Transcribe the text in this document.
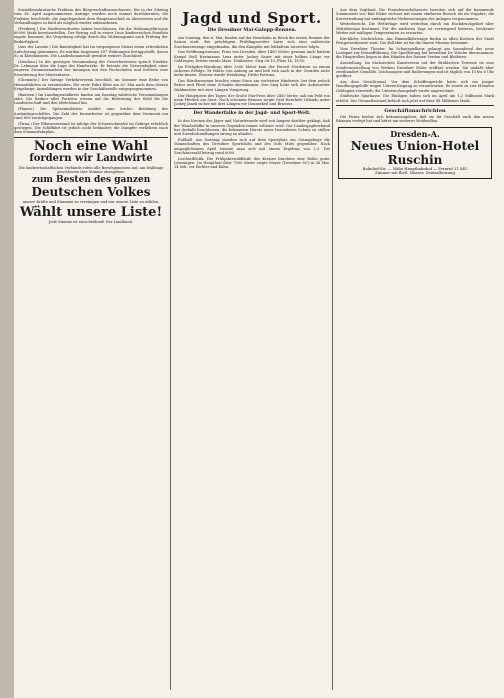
Sozialdemokratische Fraktion des Bürgerschaftsausschusses. Die in der Sitzung vom 28. April angenommenen Anträge wurden noch einmal durchberaten; die Fraktion beschließt, die Angelegenheit dem Hauptausschuß zu überweisen und die Verhandlungen so bald als möglich wieder aufzunehmen.

(Freiberg.) Die Stadtverordneten haben beschlossen, für die Wohnungsfürsorge 60000 Mark bereitzustellen. Der Betrag soll in erster Linie kinderreichen Familien zugute kommen; die Vergebung erfolgt durch das Wohnungsamt nach Prüfung der Bedürftigkeit.

(Aus der Lausitz.) Die Bautätigkeit hat im vergangenen Monat einen erfreulichen Aufschwung genommen. Es wurden insgesamt 147 Wohnungen fertiggestellt, davon 62 in Kleinhäusern. Die Landesbauanstalt gewährt weitere Zuschüsse.

(Zwickau.) In der gestrigen Versammlung des Gewerbevereins sprach Direktor Dr. Lehmann über die Lage des Handwerks. Er betonte die Notwendigkeit einer engeren Zusammenarbeit der Innungen mit den Fachschulen und forderte eine Erweiterung der Meisterkurse.

(Chemnitz.) Der hiesige Verkehrsverein beschloß, im Sommer eine Reihe von Heimatfahrten zu veranstalten. Die erste Fahrt führt am 20. Mai nach dem oberen Erzgebirge; Anmeldungen werden in der Geschäftsstelle entgegengenommen.

(Bautzen.) Im Landtagswahlkreis fanden am Sonntag zahlreiche Versammlungen statt. Die Redner aller Parteien wiesen auf die Bedeutung der Wahl für die Landwirtschaft und den Mittelstand hin.

(Plauen.) Die Spitzenindustrie meldet eine leichte Belebung des Auslandsgeschäftes. Die Zahl der Kurzarbeiter ist gegenüber dem Vormonat um rund 800 zurückgegangen.

(Pirna.) Der Elbwasserstand ist infolge der Schneeschmelze im Gebirge erheblich gestiegen. Die Schiffahrt ist jedoch nicht behindert; die Dampfer verkehren nach dem Sommerfahrplan.

Noch eine Wahl
fordern wir Landwirte

Die landwirtschaftlichen Verbände rufen alle Berufsgenossen auf, am Wahltage geschlossen ihre Stimme abzugeben.

zum Besten des ganzen
Deutschen Volkes

unsere Kräfte und Stimmen zu vereinigen und nur unsere Liste zu wählen.

Wählt unsere Liste!

Jede Stimme ist entscheidend! Der Landbund.

Jagd und Sport.
Die Dresdner Mai-Galopp-Rennen.

Am Sonntag, den 6. Mai, fanden auf der Rennbahn in Reick die ersten Rennen der Saison statt. Bei prächtigem Frühlingswetter hatte sich eine zahlreiche Zuschauermenge eingefunden, die den Kämpfen mit lebhaftem Interesse folgte.

Das Eröffnungsrennen, Preis von Dresden, über 1400 Meter, gewann nach hartem Kampf Stall Hartmanns Lenz unter Jockey Sauer mit einer halben Länge vor Goldregen; Dritter wurde Mars. Totalisator: Sieg 38:10, Platz 14, 18:10.

Im Frühjahrs-Handicap über 2000 Meter kam der Favorit Nordstern zu einem sicheren Erfolge. Er führte von Anfang an und ließ sich auch in der Geraden nicht mehr fassen. Zweiter wurde Herzkönig, Dritte Fortuna.

Das Hürdenrennen brachte einen Sturz am vorletzten Hindernis, bei dem jedoch Reiter und Pferd ohne Schaden davonkamen. Den Sieg holte sich der Außenseiter Waldmeister mit zwei Längen Vorsprung.

Der Hauptpreis des Tages, der Große Mai-Preis über 2400 Meter, sah ein Feld von neun Pferden am Start. Nach schönem Rennen siegte Graf Henckels Orlando unter Jockey Janek sicher mit drei Längen vor Donnerkeil und Bravour.

Der Wanderfalke in der Jagd- und Sport-Welt.

In den Kreisen der Jäger und Naturfreunde wird seit langem darüber geklagt, daß der Wanderfalke in unseren Gegenden immer seltener wird. Der Landesjagdverband hat deshalb beschlossen, die bekannten Horste unter besonderen Schutz zu stellen und Zuwiderhandlungen streng zu ahnden.

Fußball. Am Sonntag standen sich auf dem Sportplatz am Ostragehege die Mannschaften des Dresdner Sportclubs und des Guts Muts gegenüber. Nach ausgeglichenem Spiel trennte man sich mit einem Ergebnis von 2:2. Die Zuschauerzahl betrug rund 6000.

Leichtathletik. Die Frühjahrswaldläufe des Kreises brachten eine Reihe guter Leistungen. Im Hauptlauf über 7500 Meter siegte Meyer (Dresdner SC) in 26 Min. 14 Sek. vor Richter und Kühn.

Aus dem Vogtland. Die Fremdenverkehrsorte bereiten sich auf die kommende Sommerzeit vor. Bad Elster rechnet mit einem stärkeren Besuch als im Vorjahre; die Kurverwaltung hat umfangreiche Verbesserungen der Anlagen vorgenommen.

Wetterbericht. Die Wetterlage wird weiterhin durch ein Hochdruckgebiet über Mitteleuropa bestimmt. Für die nächsten Tage ist vorwiegend heiteres, trockenes Wetter mit mäßigen Temperaturen zu erwarten.

Kirchliche Nachrichten. Am Himmelfahrtstage finden in allen Kirchen der Stadt Festgottesdienste statt. Die Kollekte ist für die Innere Mission bestimmt.

Vom Dresdner Theater. Im Schauspielhaus gelangt am Sonnabend das neue Lustspiel zur Erstaufführung. Die Spielleitung hat Intendant Dr. Wiecke übernommen; die Hauptrollen liegen in den Händen der Damen Verden und Bleibtreu.

Ausstellung. Im Sächsischen Kunstverein auf der Brühlschen Terrasse ist eine Sonderausstellung von Werken Dresdner Maler eröffnet worden. Sie umfaßt über zweihundert Gemälde, Zeichnungen und Radierungen und ist täglich von 10 bis 6 Uhr geöffnet.

Aus dem Gerichtssaal. Vor dem Schöffengericht hatte sich ein junger Handlungsgehilfe wegen Unterschlagung zu verantworten. Er wurde zu vier Monaten Gefängnis verurteilt; die Untersuchungshaft wurde angerechnet.

Städtische Sparkasse. Die Einlagen haben sich im April um 1,2 Millionen Mark erhöht. Der Gesamtbestand beläuft sich jetzt auf über 48 Millionen Mark.

Geschäftsnachrichten

Die Firma beehrt sich bekanntzugeben, daß sie ihr Geschäft nach den neuen Räumen verlegt hat und bittet um weiteres Wohlwollen.

Dresden-A.
Neues Union-Hotel Ruschin
Bahnhof-Str. — Nähe Hauptbahnhof — Fernruf 21 841
Zimmer mit fließ. Wasser, Zentralheizung
